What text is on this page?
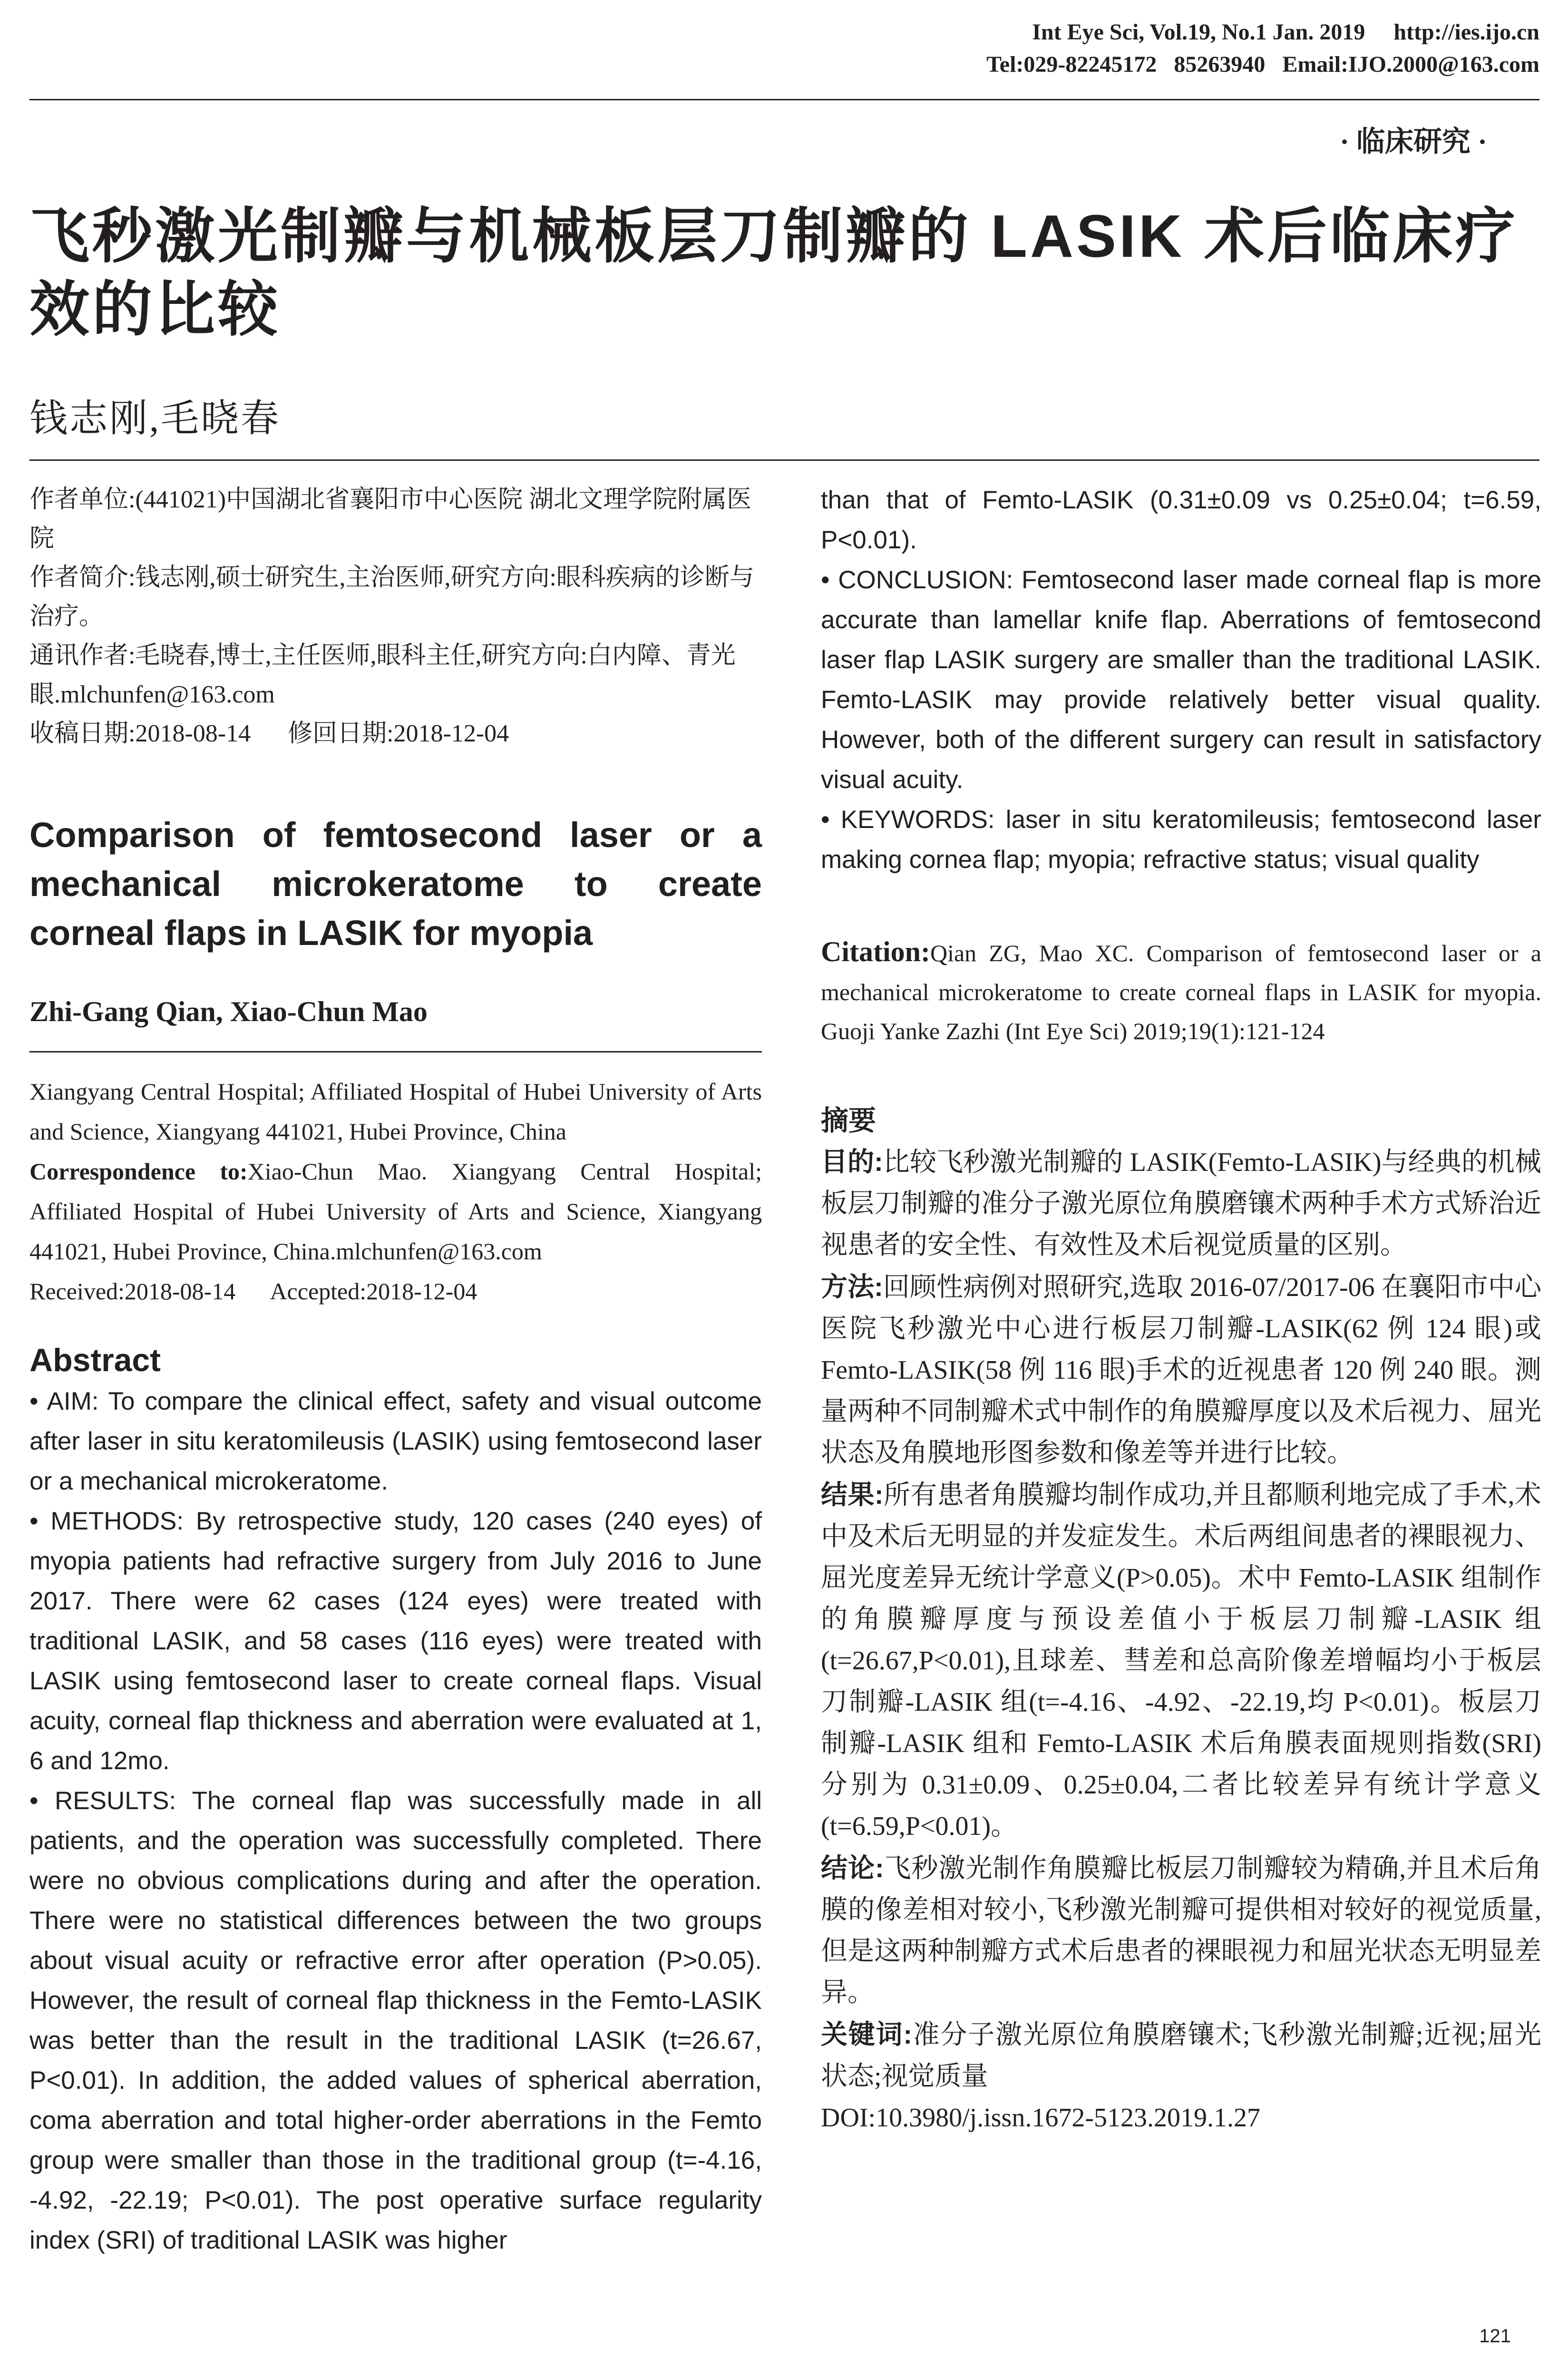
Int Eye Sci, Vol.19, No.1 Jan. 2019     http://ies.ijo.cn
Tel:029-82245172   85263940   Email:IJO.2000@163.com
· 临床研究 ·
飞秒激光制瓣与机械板层刀制瓣的 LASIK 术后临床疗效的比较
钱志刚,毛晓春

作者单位:(441021)中国湖北省襄阳市中心医院 湖北文理学院附属医院

作者简介:钱志刚,硕士研究生,主治医师,研究方向:眼科疾病的诊断与治疗。

通讯作者:毛晓春,博士,主任医师,眼科主任,研究方向:白内障、青光眼.mlchunfen@163.com

收稿日期:2018-08-14      修回日期:2018-12-04

Comparison of femtosecond laser or a mechanical microkeratome to create corneal flaps in LASIK for myopia
Zhi-Gang Qian, Xiao-Chun Mao

Xiangyang Central Hospital; Affiliated Hospital of Hubei University of Arts and Science, Xiangyang 441021, Hubei Province, China

Correspondence to:Xiao-Chun Mao. Xiangyang Central Hospital; Affiliated Hospital of Hubei University of Arts and Science, Xiangyang 441021, Hubei Province, China.mlchunfen@163.com

Received:2018-08-14      Accepted:2018-12-04

Abstract

• AIM: To compare the clinical effect, safety and visual outcome after laser in situ keratomileusis (LASIK) using femtosecond laser or a mechanical microkeratome.

• METHODS: By retrospective study, 120 cases (240 eyes) of myopia patients had refractive surgery from July 2016 to June 2017. There were 62 cases (124 eyes) were treated with traditional LASIK, and 58 cases (116 eyes) were treated with LASIK using femtosecond laser to create corneal flaps. Visual acuity, corneal flap thickness and aberration were evaluated at 1, 6 and 12mo.

• RESULTS: The corneal flap was successfully made in all patients, and the operation was successfully completed. There were no obvious complications during and after the operation. There were no statistical differences between the two groups about visual acuity or refractive error after operation (P>0.05). However, the result of corneal flap thickness in the Femto-LASIK was better than the result in the traditional LASIK (t=26.67, P<0.01). In addition, the added values of spherical aberration, coma aberration and total higher-order aberrations in the Femto group were smaller than those in the traditional group (t=-4.16, -4.92, -22.19; P<0.01). The post operative surface regularity index (SRI) of traditional LASIK was higher

than that of Femto-LASIK (0.31±0.09 vs 0.25±0.04; t=6.59, P<0.01).

• CONCLUSION: Femtosecond laser made corneal flap is more accurate than lamellar knife flap. Aberrations of femtosecond laser flap LASIK surgery are smaller than the traditional LASIK. Femto-LASIK may provide relatively better visual quality. However, both of the different surgery can result in satisfactory visual acuity.

• KEYWORDS: laser in situ keratomileusis; femtosecond laser making cornea flap; myopia; refractive status; visual quality

Citation:Qian ZG, Mao XC. Comparison of femtosecond laser or a mechanical microkeratome to create corneal flaps in LASIK for myopia. Guoji Yanke Zazhi (Int Eye Sci) 2019;19(1):121-124
摘要

目的:比较飞秒激光制瓣的 LASIK(Femto-LASIK)与经典的机械板层刀制瓣的准分子激光原位角膜磨镶术两种手术方式矫治近视患者的安全性、有效性及术后视觉质量的区别。

方法:回顾性病例对照研究,选取 2016-07/2017-06 在襄阳市中心医院飞秒激光中心进行板层刀制瓣-LASIK(62 例 124 眼)或 Femto-LASIK(58 例 116 眼)手术的近视患者 120 例 240 眼。测量两种不同制瓣术式中制作的角膜瓣厚度以及术后视力、屈光状态及角膜地形图参数和像差等并进行比较。

结果:所有患者角膜瓣均制作成功,并且都顺利地完成了手术,术中及术后无明显的并发症发生。术后两组间患者的裸眼视力、屈光度差异无统计学意义(P>0.05)。术中 Femto-LASIK 组制作的角膜瓣厚度与预设差值小于板层刀制瓣-LASIK 组(t=26.67,P<0.01),且球差、彗差和总高阶像差增幅均小于板层刀制瓣-LASIK 组(t=-4.16、-4.92、-22.19,均 P<0.01)。板层刀制瓣-LASIK 组和 Femto-LASIK 术后角膜表面规则指数(SRI)分别为 0.31±0.09、0.25±0.04,二者比较差异有统计学意义(t=6.59,P<0.01)。

结论:飞秒激光制作角膜瓣比板层刀制瓣较为精确,并且术后角膜的像差相对较小,飞秒激光制瓣可提供相对较好的视觉质量,但是这两种制瓣方式术后患者的裸眼视力和屈光状态无明显差异。

关键词:准分子激光原位角膜磨镶术;飞秒激光制瓣;近视;屈光状态;视觉质量

DOI:10.3980/j.issn.1672-5123.2019.1.27

121
